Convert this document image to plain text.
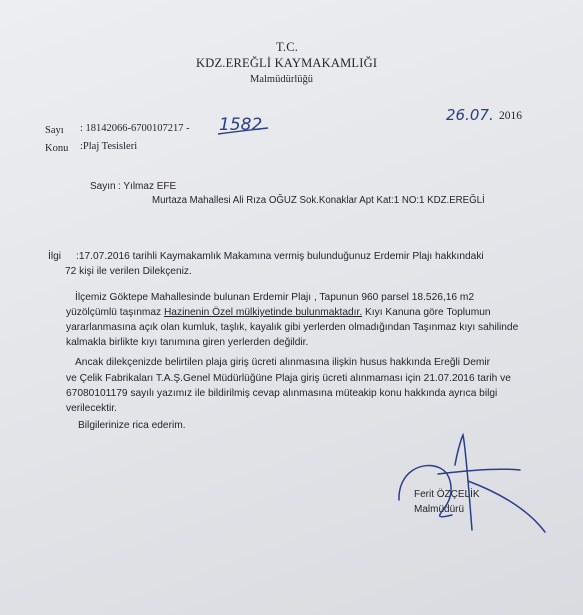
T.C.
KDZ.EREĞLİ KAYMAKAMLIĞI
Malmüdürlüğü
Sayı : 18142066-6700107217 - 1582
Konu :Plaj Tesisleri
26.07. 2016
Sayın : Yılmaz EFE
Murtaza Mahallesi Ali Rıza OĞUZ Sok.Konaklar Apt Kat:1 NO:1 KDZ.EREĞLİ
İlgi :17.07.2016 tarihli Kaymakamlık Makamına vermiş bulunduğunuz Erdemir Plajı hakkındaki
72 kişi ile verilen Dilekçeniz.
İlçemiz Göktepe Mahallesinde bulunan Erdemir Plajı , Tapunun 960 parsel 18.526,16 m2
yüzölçümlü taşınmaz Hazinenin Özel mülkiyetinde bulunmaktadır. Kıyı Kanuna göre Toplumun
yararlanmasına açık olan kumluk, taşlık, kayalık gibi yerlerden olmadığından Taşınmaz kıyı sahilinde
kalmakla birlikte kıyı tanımına giren yerlerden değildir.
Ancak dilekçenizde belirtilen plaja giriş ücreti alınmasına ilişkin husus hakkında Ereğli Demir
ve Çelik Fabrikaları T.A.Ş.Genel Müdürlüğüne Plaja giriş ücreti alınmaması için 21.07.2016 tarih ve
67080101179 sayılı yazımız ile bildirilmiş cevap alınmasına müteakip konu hakkında ayrıca bilgi
verilecektir.
Bilgilerinize rica ederim.
Ferit ÖZÇELİK
Malmüdürü
